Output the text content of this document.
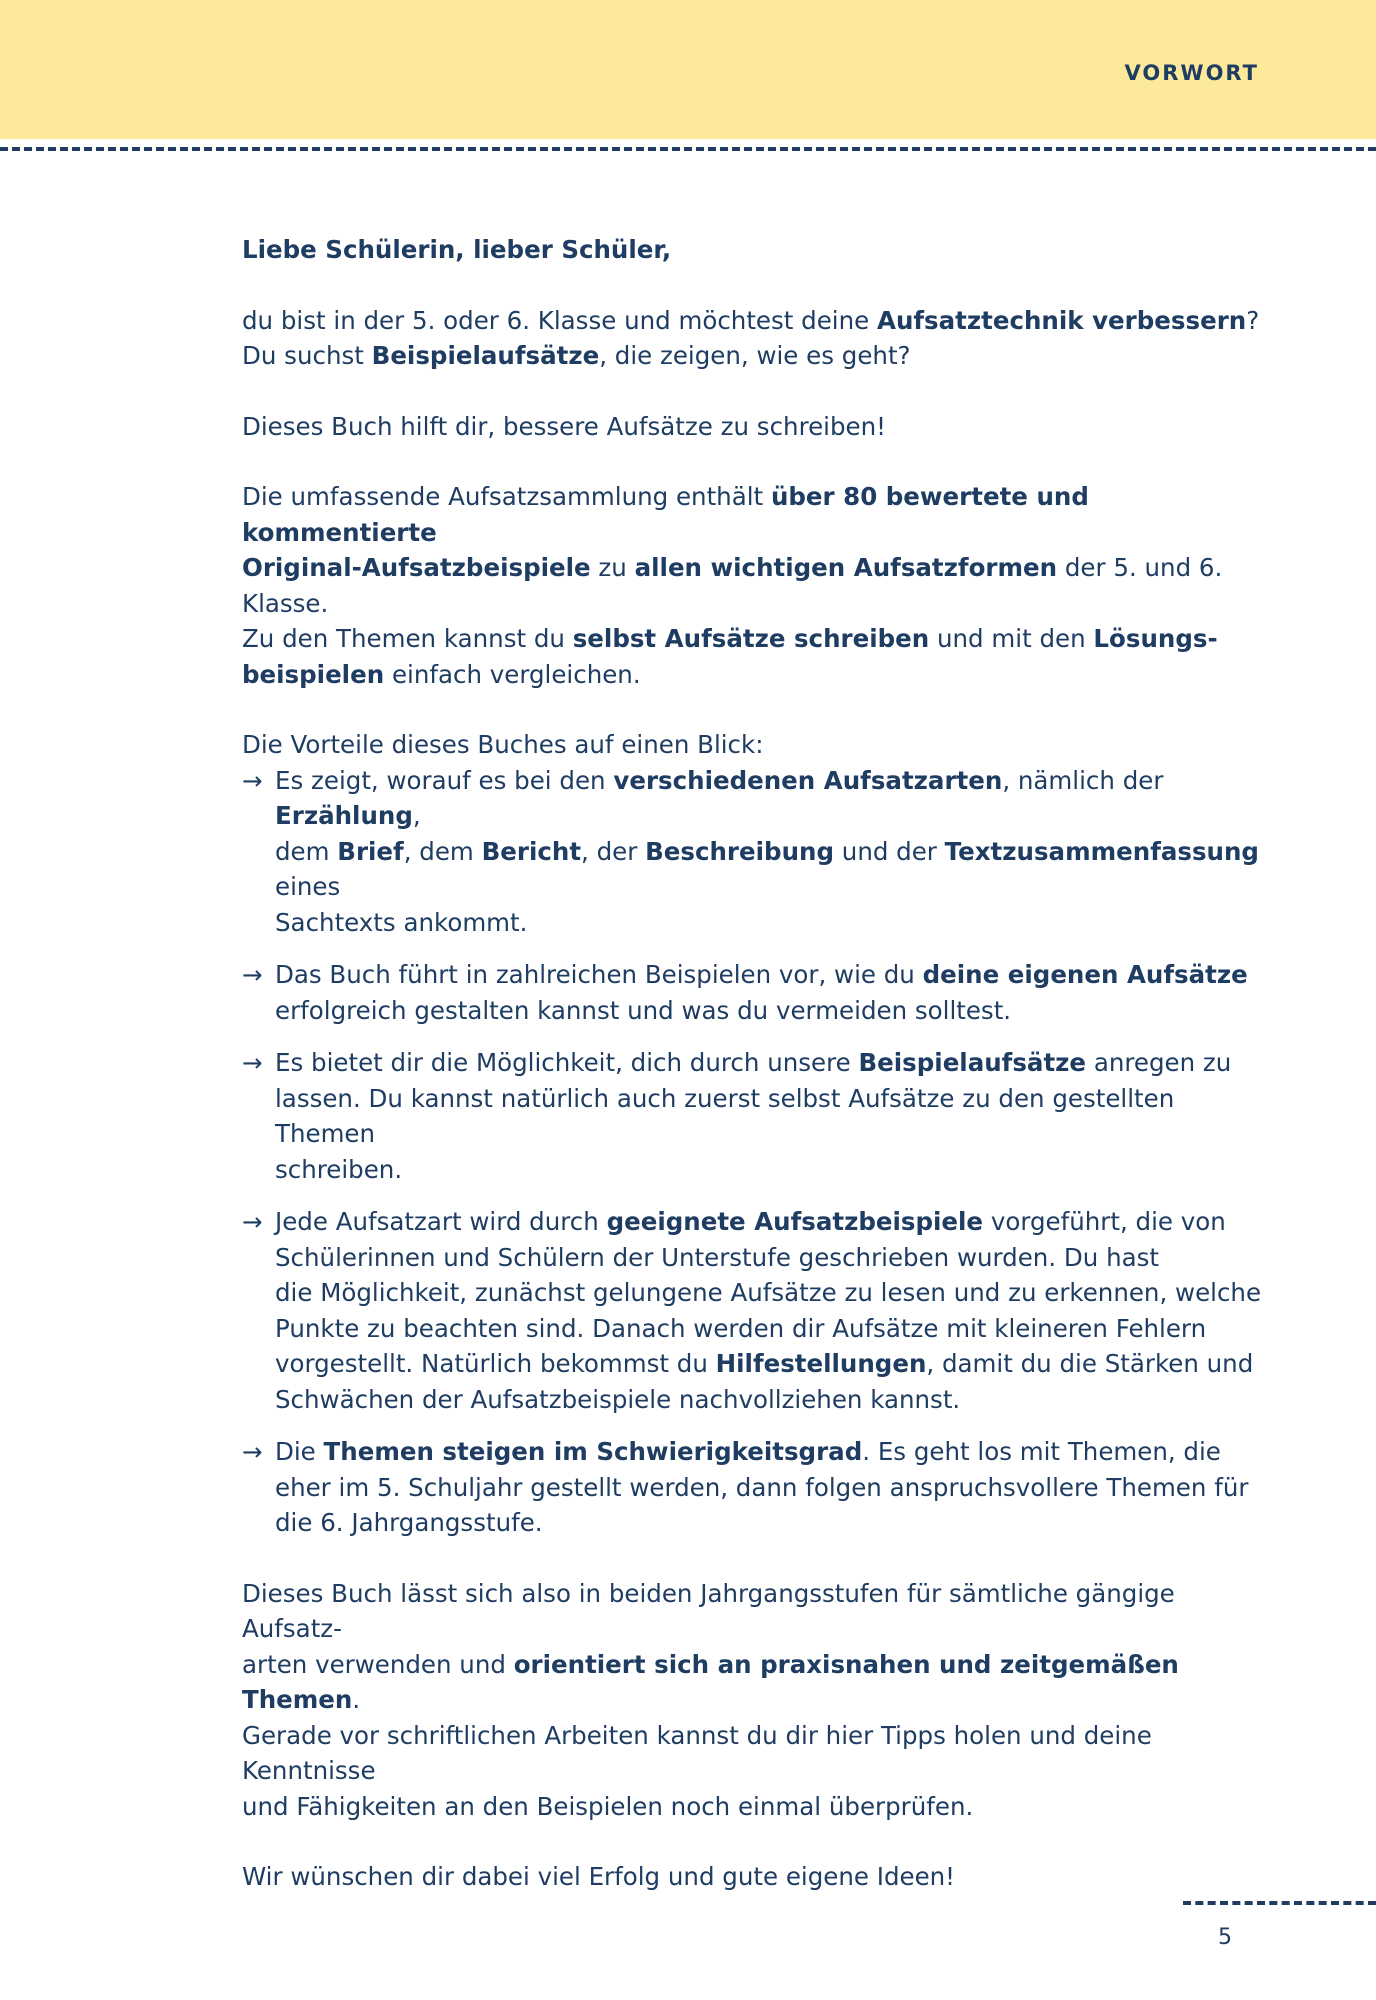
VORWORT

Liebe Schülerin, lieber Schüler,

du bist in der 5. oder 6. Klasse und möchtest deine Aufsatztechnik verbessern?
Du suchst Beispielaufsätze, die zeigen, wie es geht?

Dieses Buch hilft dir, bessere Aufsätze zu schreiben!

Die umfassende Aufsatzsammlung enthält über 80 bewertete und kommentierte
Original-Aufsatzbeispiele zu allen wichtigen Aufsatzformen der 5. und 6. Klasse.
Zu den Themen kannst du selbst Aufsätze schreiben und mit den Lösungs-
beispielen einfach vergleichen.

Die Vorteile dieses Buches auf einen Blick:

→ Es zeigt, worauf es bei den verschiedenen Aufsatzarten, nämlich der Erzählung,
dem Brief, dem Bericht, der Beschreibung und der Textzusammenfassung eines
Sachtexts ankommt.
→ Das Buch führt in zahlreichen Beispielen vor, wie du deine eigenen Aufsätze
erfolgreich gestalten kannst und was du vermeiden solltest.
→ Es bietet dir die Möglichkeit, dich durch unsere Beispielaufsätze anregen zu
lassen. Du kannst natürlich auch zuerst selbst Aufsätze zu den gestellten Themen
schreiben.
→ Jede Aufsatzart wird durch geeignete Aufsatzbeispiele vorgeführt, die von
Schülerinnen und Schülern der Unterstufe geschrieben wurden. Du hast
die Möglichkeit, zunächst gelungene Aufsätze zu lesen und zu erkennen, welche
Punkte zu beachten sind. Danach werden dir Aufsätze mit kleineren Fehlern
vorgestellt. Natürlich bekommst du Hilfestellungen, damit du die Stärken und
Schwächen der Aufsatzbeispiele nachvollziehen kannst.
→ Die Themen steigen im Schwierigkeitsgrad. Es geht los mit Themen, die
eher im 5. Schuljahr gestellt werden, dann folgen anspruchsvollere Themen für
die 6. Jahrgangsstufe.

Dieses Buch lässt sich also in beiden Jahrgangsstufen für sämtliche gängige Aufsatz-
arten verwenden und orientiert sich an praxisnahen und zeitgemäßen Themen.
Gerade vor schriftlichen Arbeiten kannst du dir hier Tipps holen und deine Kenntnisse
und Fähigkeiten an den Beispielen noch einmal überprüfen.

Wir wünschen dir dabei viel Erfolg und gute eigene Ideen!

5
